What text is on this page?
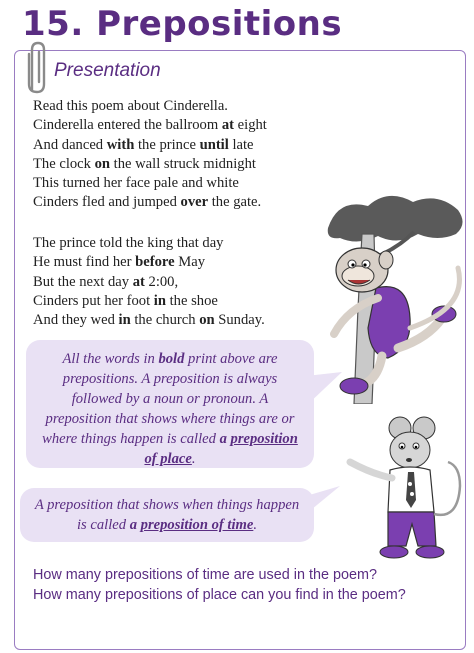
15. Prepositions
Presentation
Read this poem about Cinderella.
Cinderella entered the ballroom at eight
And danced with the prince until late
The clock on the wall struck midnight
This turned her face pale and white
Cinders fled and jumped over the gate.
The prince told the king that day
He must find her before May
But the next day at 2:00,
Cinders put her foot in the shoe
And they wed in the church on Sunday.
All the words in bold print above are prepositions. A preposition is always followed by a noun or pronoun. A preposition that shows where things are or where things happen is called a preposition of place.
A preposition that shows when things happen is called a preposition of time.
How many prepositions of time are used in the poem?
How many prepositions of place can you find in the poem?
